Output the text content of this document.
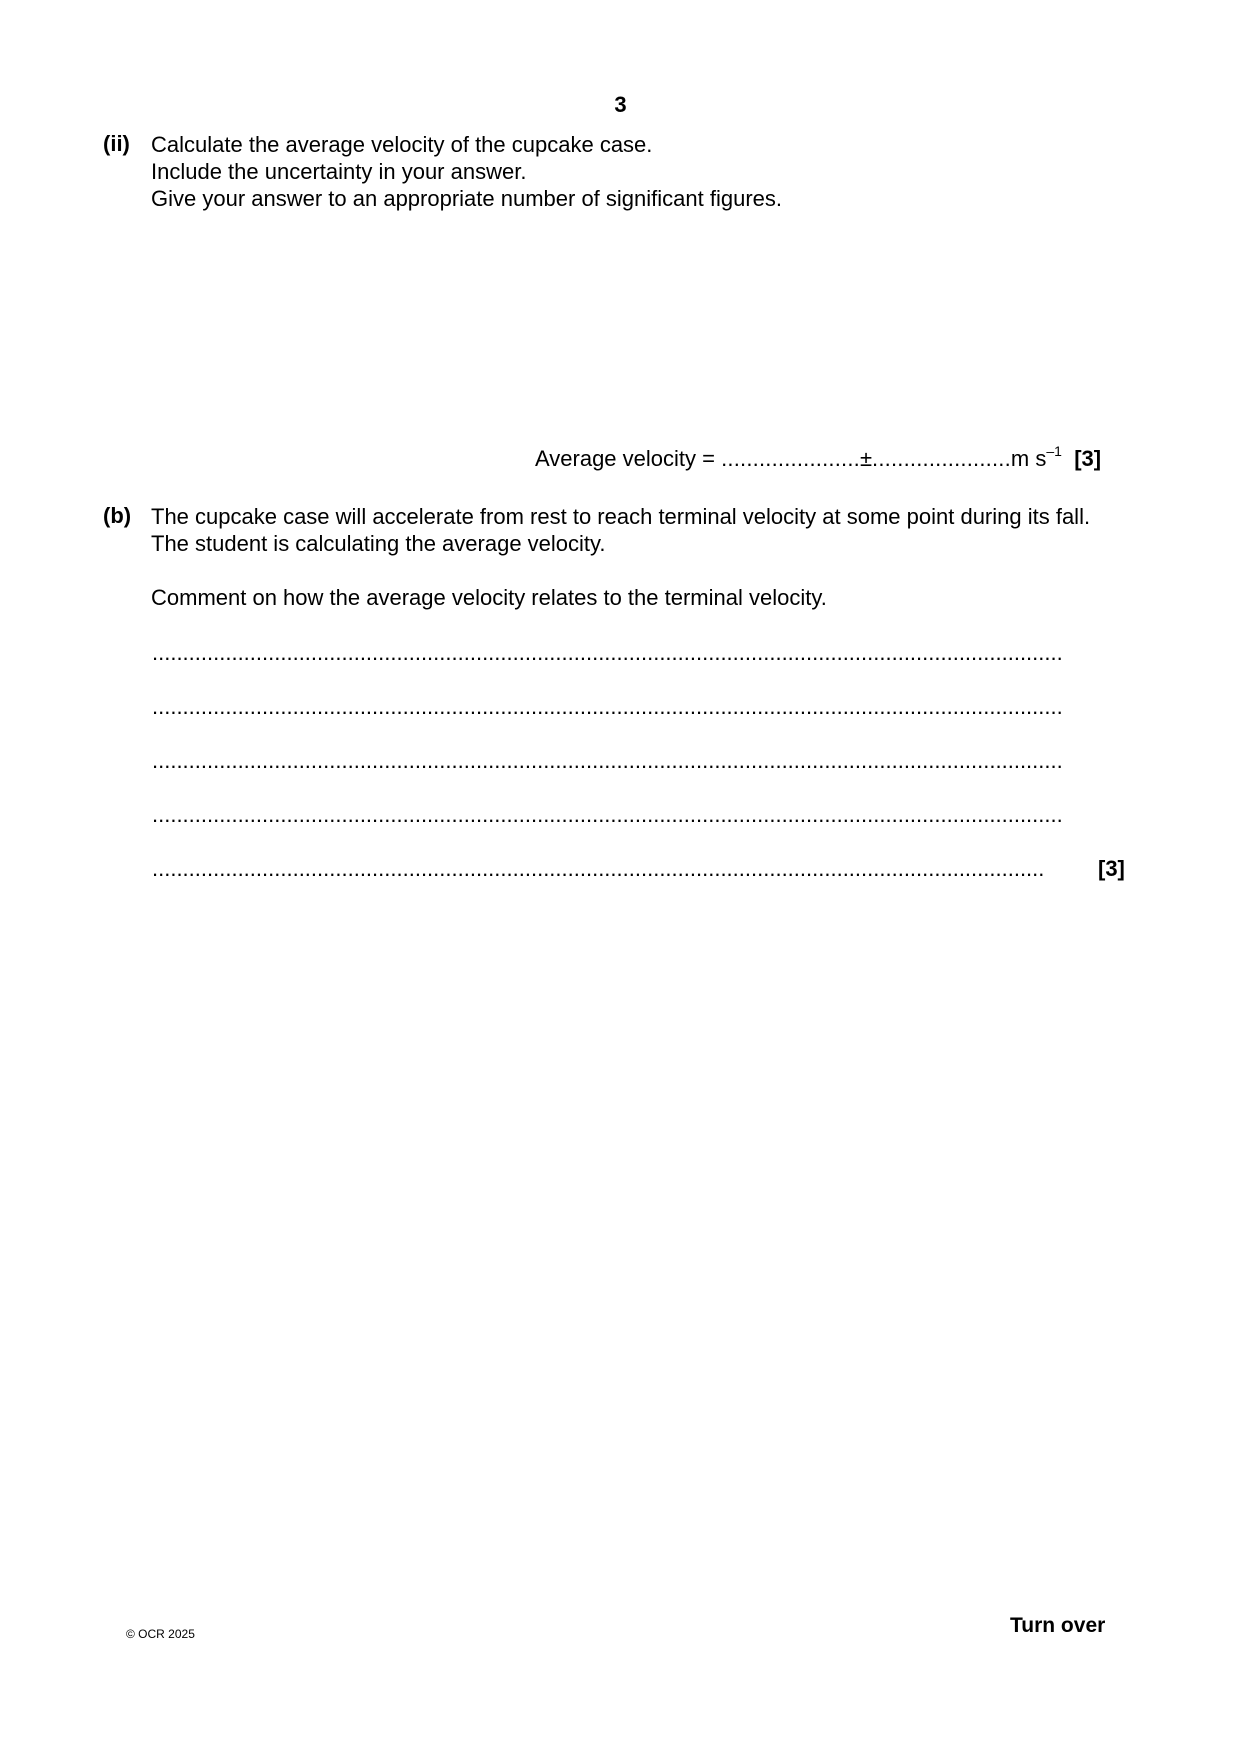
3
(ii) Calculate the average velocity of the cupcake case.
Include the uncertainty in your answer.
Give your answer to an appropriate number of significant figures.
Average velocity = ......................±......................m $s^{-1}$ [3]
(b) The cupcake case will accelerate from rest to reach terminal velocity at some point during its fall.
The student is calculating the average velocity.
Comment on how the average velocity relates to the terminal velocity.
.....................................................................................................................................................
.....................................................................................................................................................
.....................................................................................................................................................
.....................................................................................................................................................
.................................................................................................................................................. [3]
© OCR 2025	Turn over
